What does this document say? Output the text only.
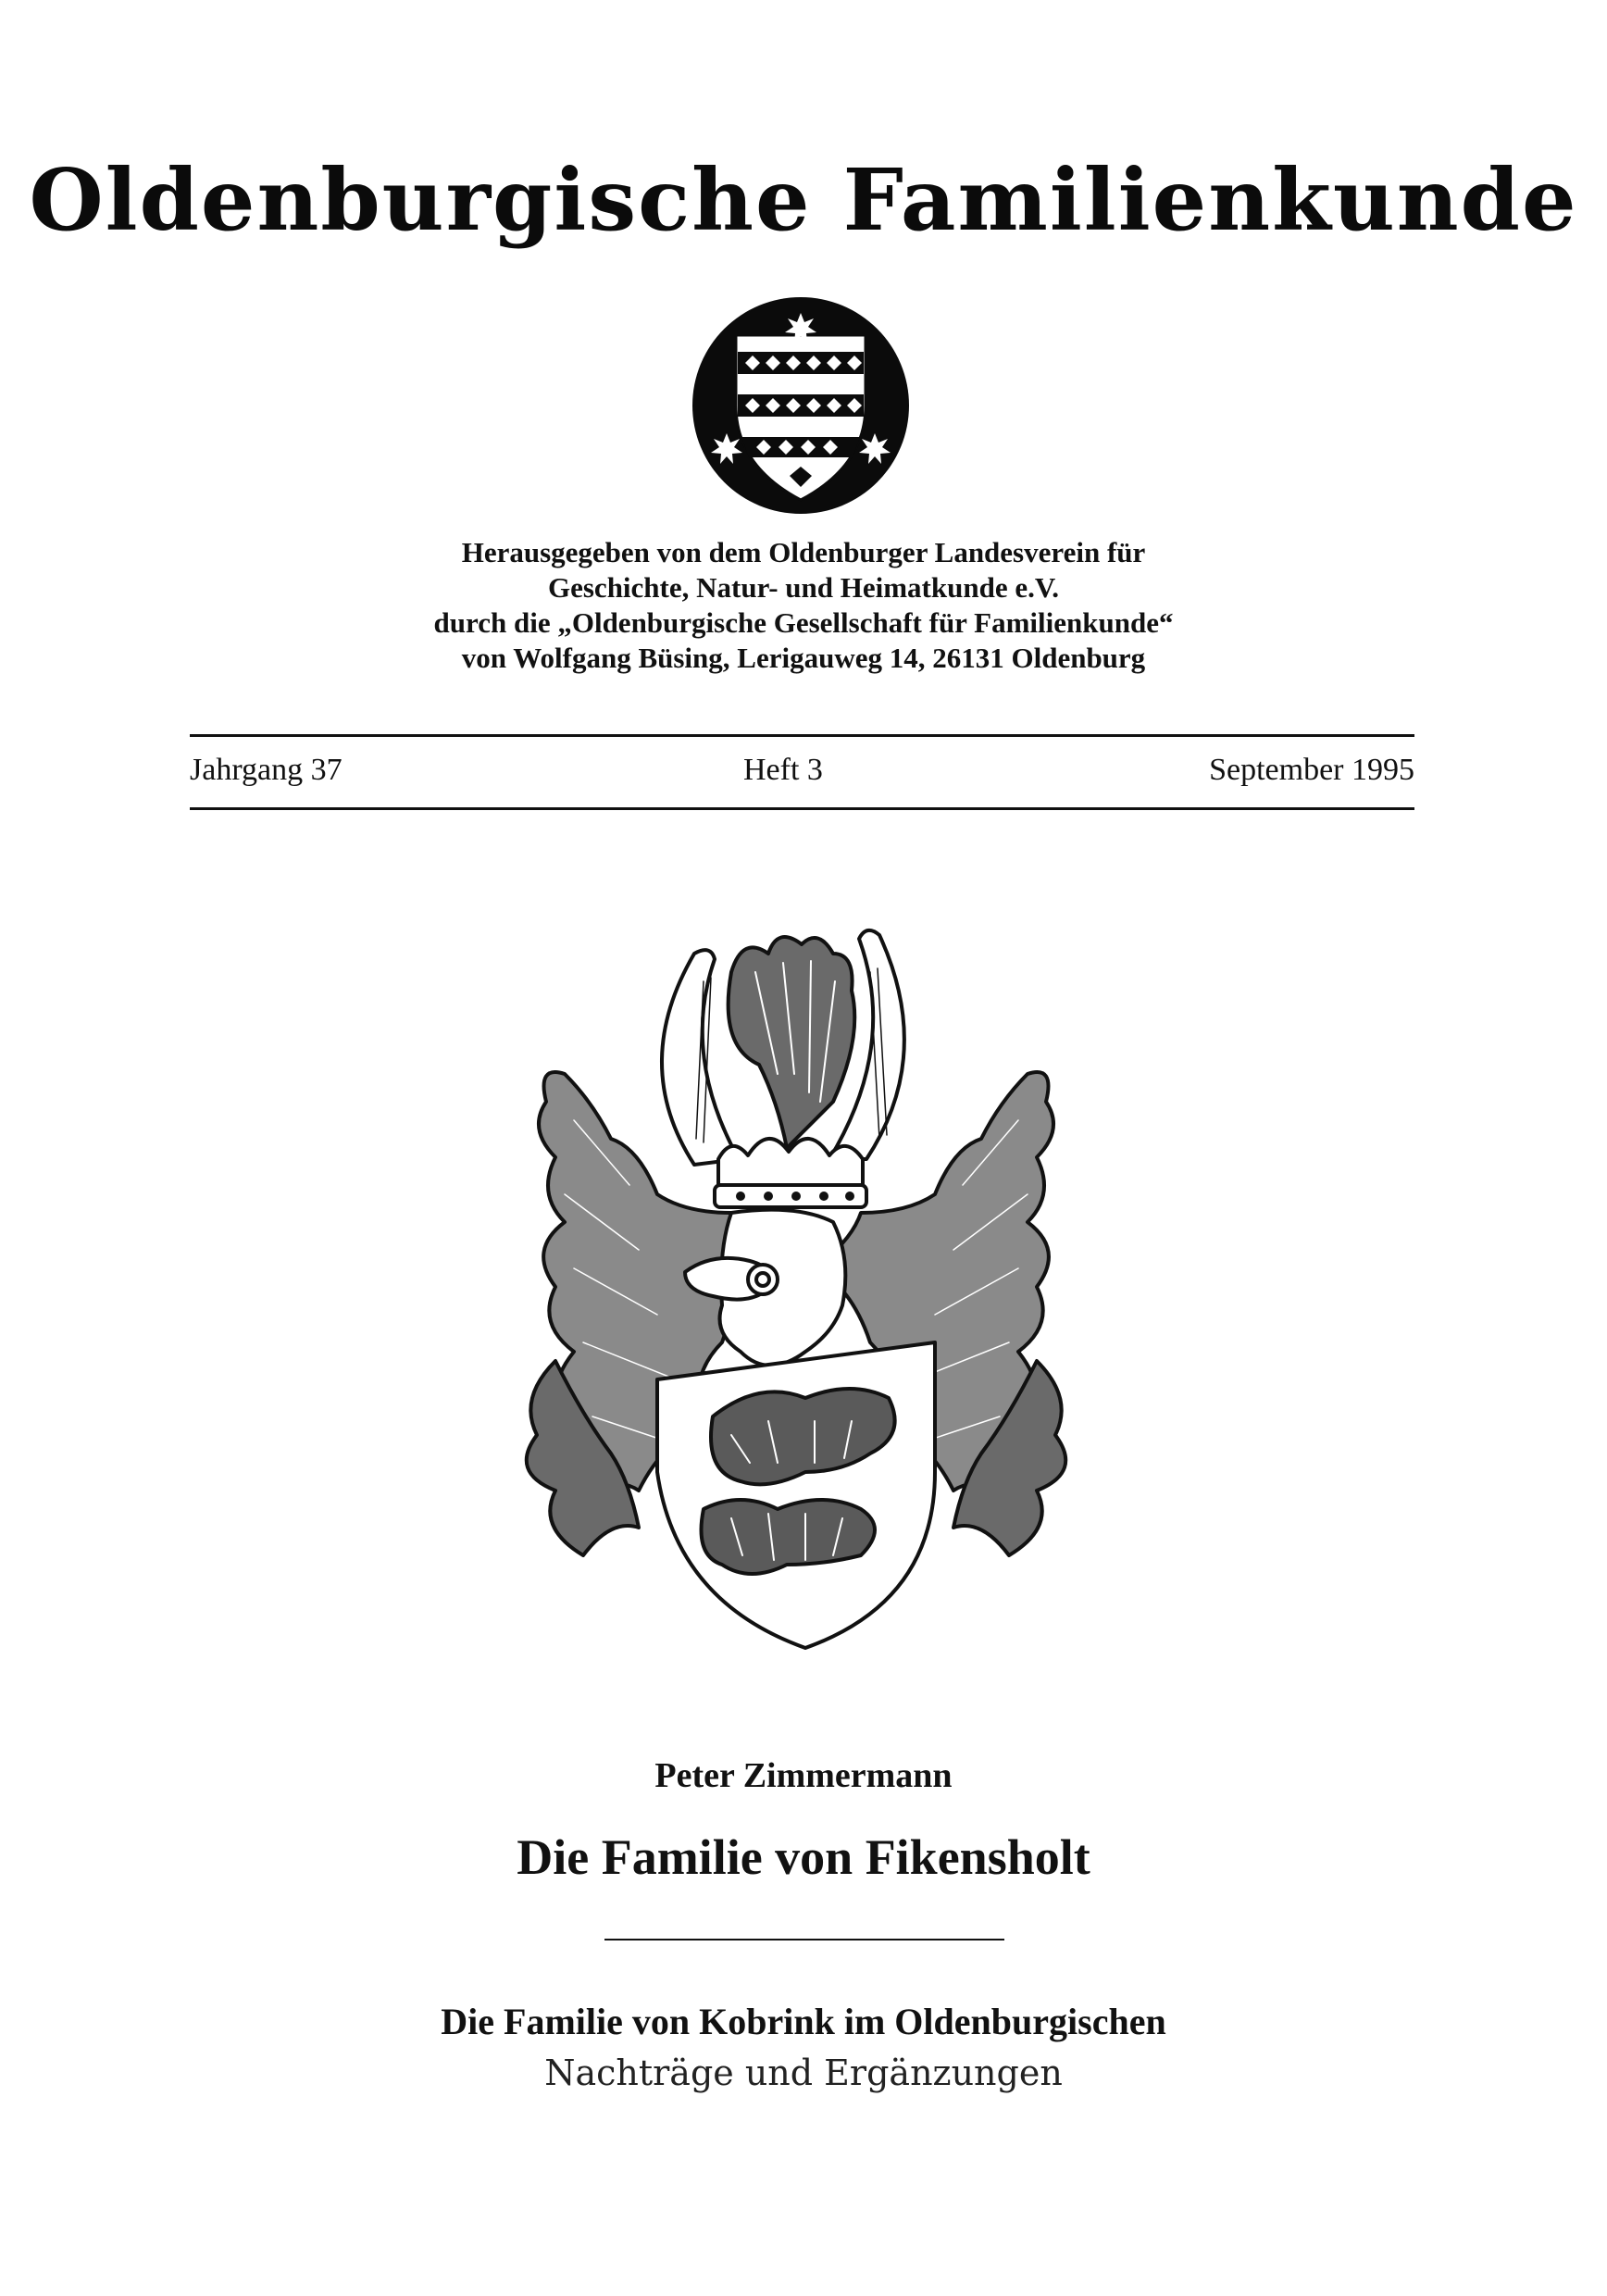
Oldenburgische Familienkunde
Herausgegeben von dem Oldenburger Landesverein für
Geschichte, Natur- und Heimatkunde e.V.
durch die „Oldenburgische Gesellschaft für Familienkunde“
von Wolfgang Büsing, Lerigauweg 14, 26131 Oldenburg
Jahrgang 37	Heft 3	September 1995
Peter Zimmermann
Die Familie von Fikensholt
Die Familie von Kobrink im Oldenburgischen
Nachträge und Ergänzungen
